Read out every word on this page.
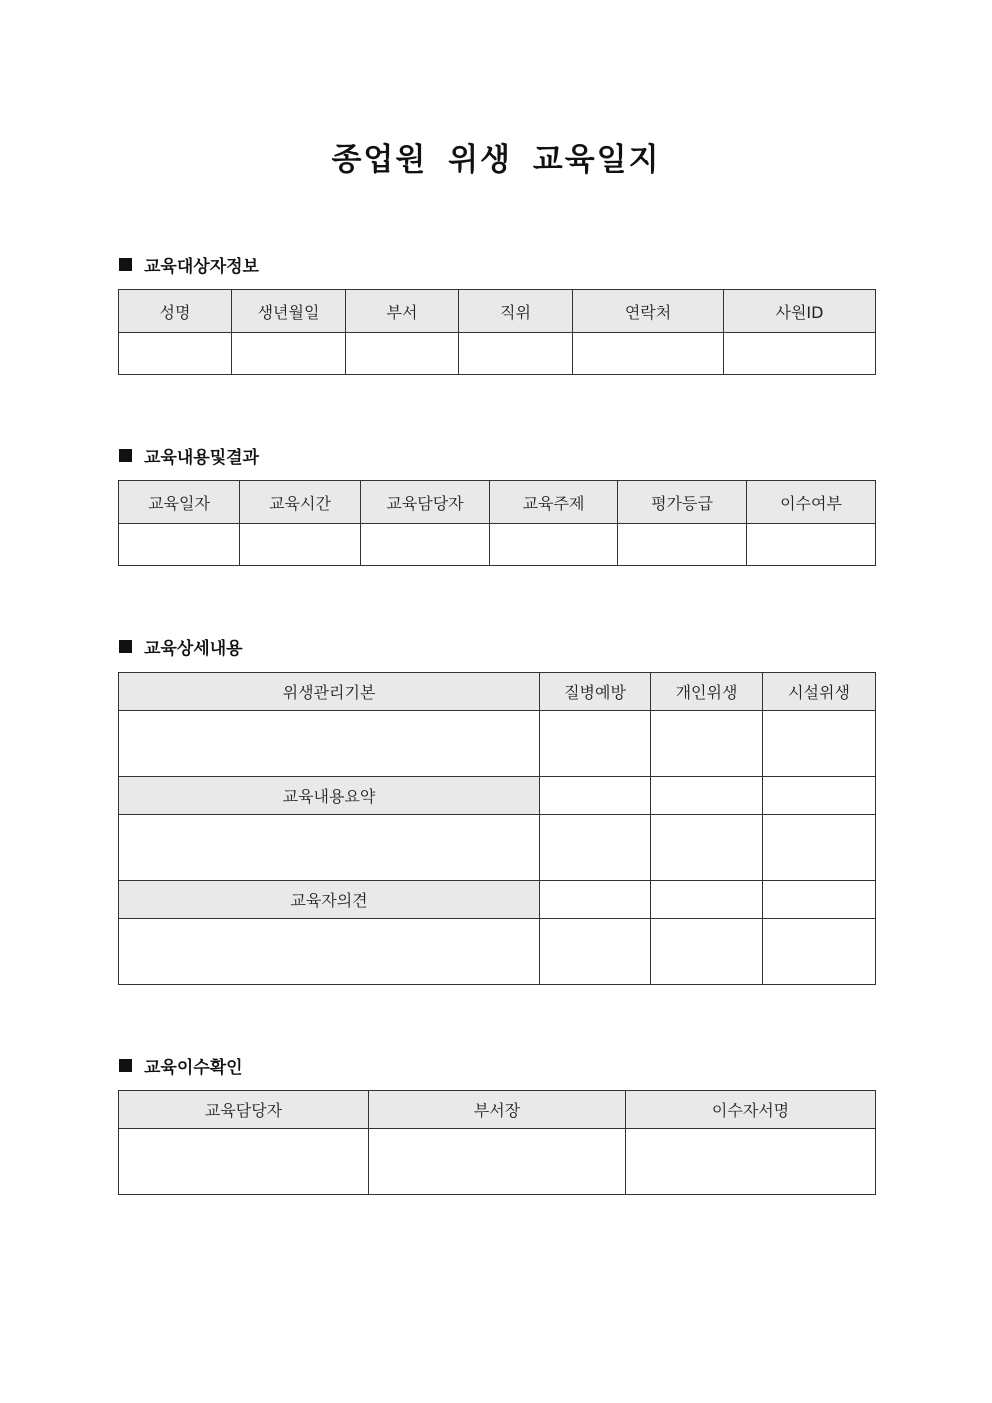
종업원 위생 교육일지
교육대상자정보
성명	생년월일	부서	직위	연락처	사원ID

교육내용및결과
교육일자	교육시간	교육담당자	교육주제	평가등급	이수여부

교육상세내용
위생관리기본	질병예방	개인위생	시설위생

교육내용요약			

교육자의견			

교육이수확인
교육담당자	부서장	이수자서명
